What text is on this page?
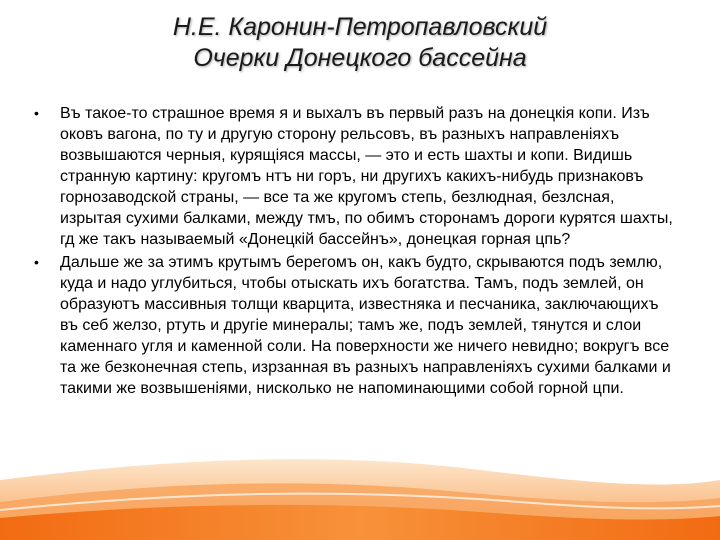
Н.Е. Каронин-Петропавловский
Очерки Донецкого бассейна
• Въ такое-то страшное время я и выхалъ въ первый разъ на донецкія копи. Изъ оковъ вагона, по ту и другую сторону рельсовъ, въ разныхъ направленіяхъ возвышаются черныя, курящіяся массы, — это и есть шахты и копи. Видишь странную картину: кругомъ нтъ ни горъ, ни другихъ какихъ-нибудь признаковъ горнозаводской страны, — все та же кругомъ степь, безлюдная, безлсная, изрытая сухими балками, между тмъ, по обимъ сторонамъ дороги курятся шахты, гд же такъ называемый «Донецкій бассейнъ», донецкая горная цпь?
• Дальше же за этимъ крутымъ берегомъ он, какъ будто, скрываются подъ землю, куда и надо углубиться, чтобы отыскать ихъ богатства. Тамъ, подъ землей, он образуютъ массивныя толщи кварцита, известняка и песчаника, заключающихъ въ себ желзо, ртуть и другіе минералы; тамъ же, подъ землей, тянутся и слои каменнаго угля и каменной соли. На поверхности же ничего невидно; вокругъ все та же безконечная степь, изрзанная въ разныхъ направленіяхъ сухими балками и такими же возвышеніями, нисколько не напоминающими собой горной цпи.
